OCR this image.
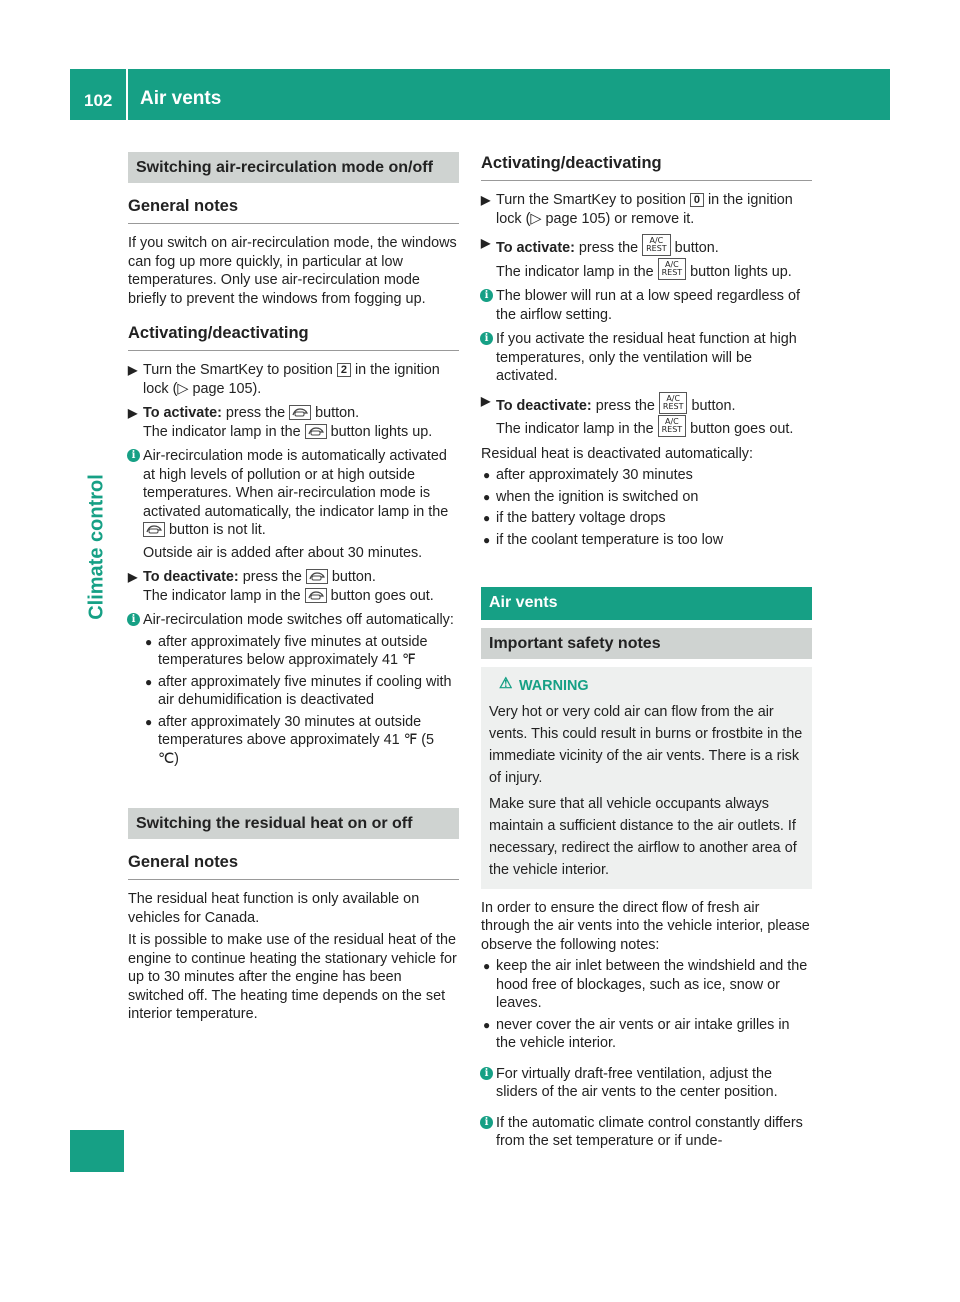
102 Air vents
Climate control
Switching air-recirculation mode on/off
General notes

If you switch on air-recirculation mode, the windows can fog up more quickly, in particular at low temperatures. Only use air-recirculation mode briefly to prevent the windows from fogging up.

Activating/deactivating
▶ Turn the SmartKey to position 2 in the ignition lock (▷ page 105).
▶ To activate: press the  button.
The indicator lamp in the  button lights up.
i Air-recirculation mode is automatically activated at high levels of pollution or at high outside temperatures. When air-recirculation mode is activated automatically, the indicator lamp in the  button is not lit.

Outside air is added after about 30 minutes.

▶ To deactivate: press the  button.
The indicator lamp in the  button goes out.
i Air-recirculation mode switches off automatically:
● after approximately five minutes at outside temperatures below approximately 41 ℉
● after approximately five minutes if cooling with air dehumidification is deactivated
● after approximately 30 minutes at outside temperatures above approximately 41 ℉ (5 ℃)
Switching the residual heat on or off
General notes

The residual heat function is only available on vehicles for Canada.

It is possible to make use of the residual heat of the engine to continue heating the stationary vehicle for up to 30 minutes after the engine has been switched off. The heating time depends on the set interior temperature.

Activating/deactivating
▶ Turn the SmartKey to position 0 in the ignition lock (▷ page 105) or remove it.
▶ To activate: press the A/C
REST button.
The indicator lamp in the A/C
REST button lights up.
i The blower will run at a low speed regardless of the airflow setting.
i If you activate the residual heat function at high temperatures, only the ventilation will be activated.
▶ To deactivate: press the A/C
REST button.
The indicator lamp in the A/C
REST button goes out.

Residual heat is deactivated automatically:

● after approximately 30 minutes
● when the ignition is switched on
● if the battery voltage drops
● if the coolant temperature is too low
Air vents
Important safety notes
⚠ WARNING

Very hot or very cold air can flow from the air vents. This could result in burns or frostbite in the immediate vicinity of the air vents. There is a risk of injury.

Make sure that all vehicle occupants always maintain a sufficient distance to the air outlets. If necessary, redirect the airflow to another area of the vehicle interior.

In order to ensure the direct flow of fresh air through the air vents into the vehicle interior, please observe the following notes:

● keep the air inlet between the windshield and the hood free of blockages, such as ice, snow or leaves.
● never cover the air vents or air intake grilles in the vehicle interior.
i For virtually draft-free ventilation, adjust the sliders of the air vents to the center position.
i If the automatic climate control constantly differs from the set temperature or if unde-
